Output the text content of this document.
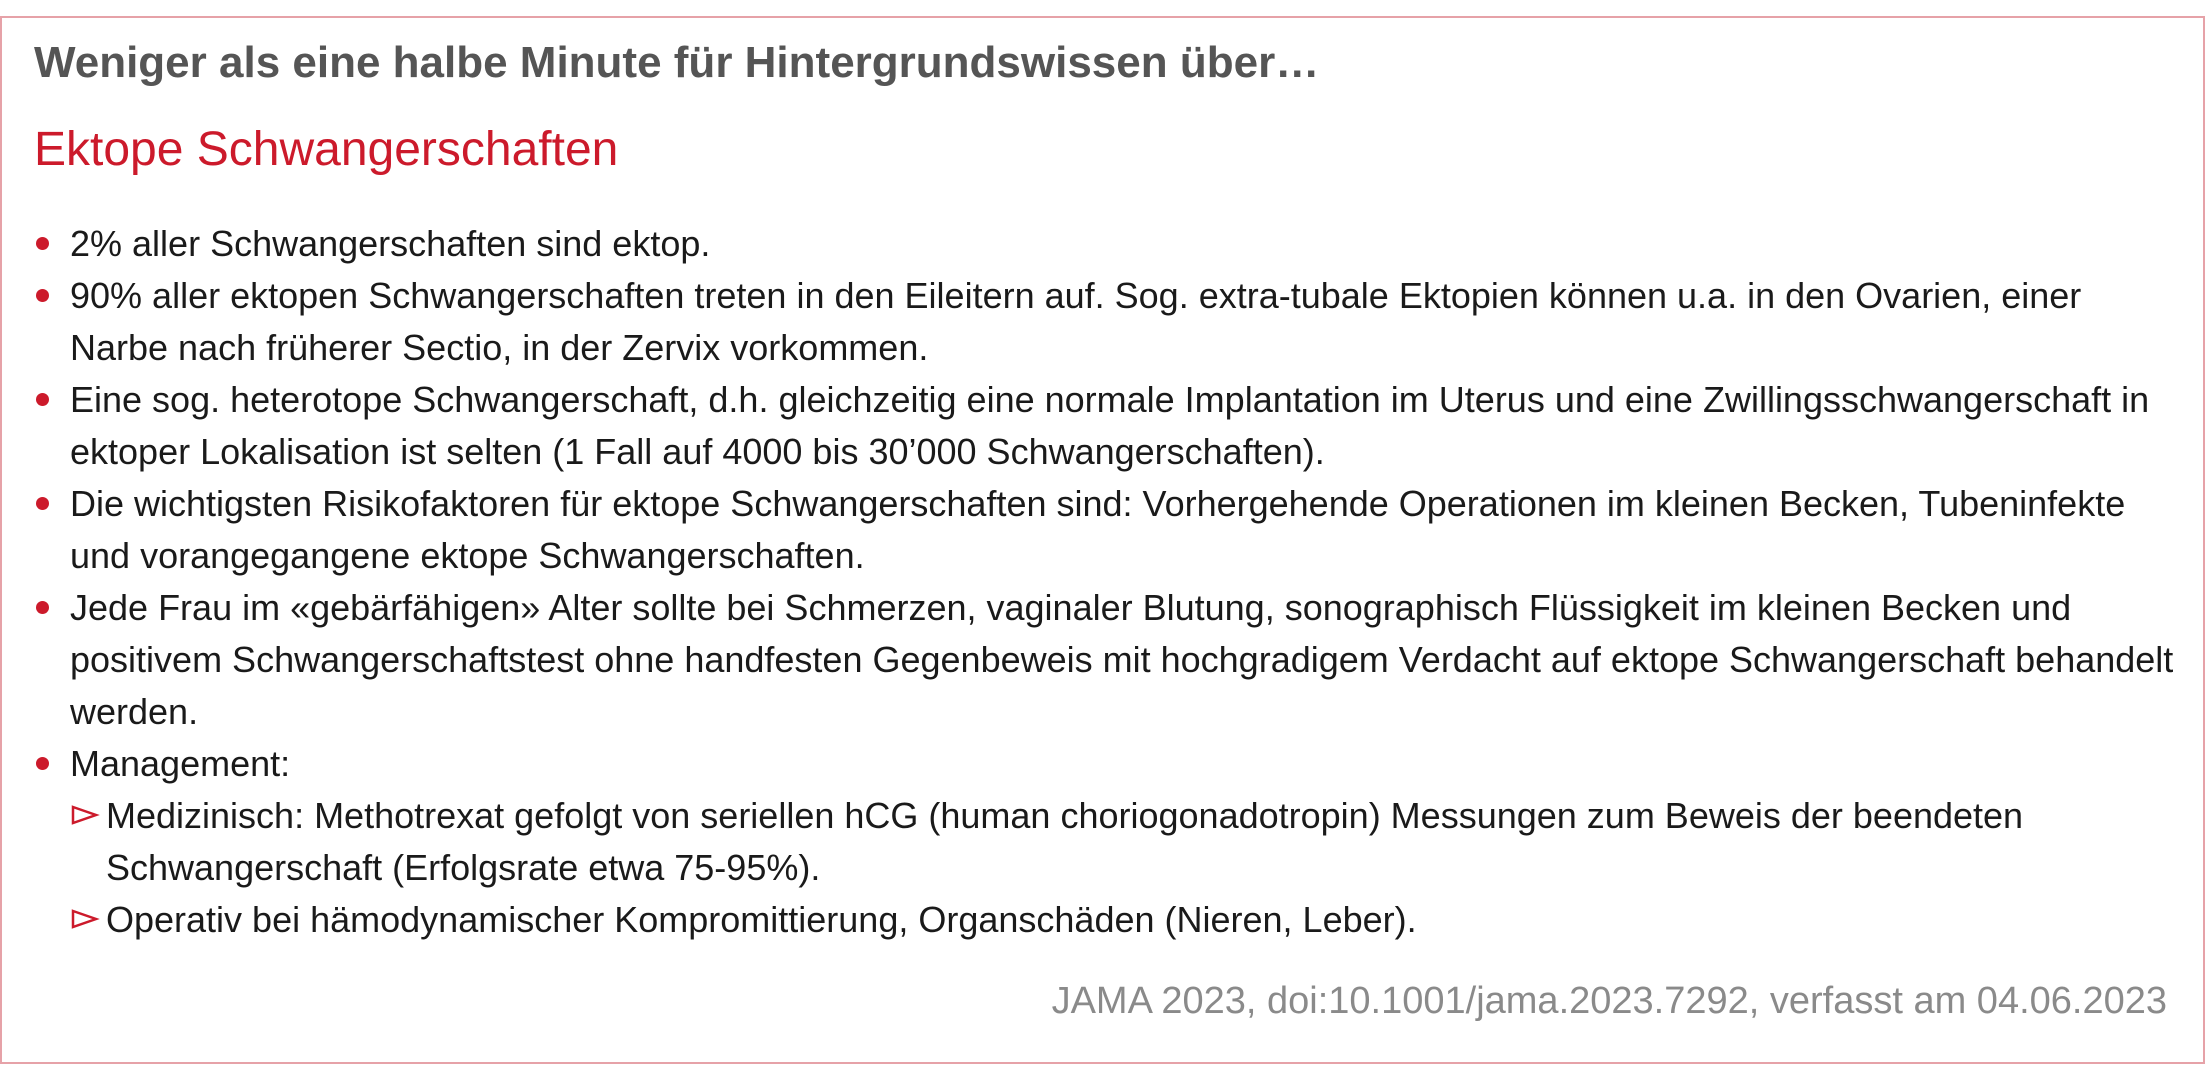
Weniger als eine halbe Minute für Hintergrundswissen über…
Ektope Schwangerschaften
2% aller Schwangerschaften sind ektop.
90% aller ektopen Schwangerschaften treten in den Eileitern auf. Sog. extra-tubale Ektopien können u.a. in den Ovarien, einer Narbe nach früherer Sectio, in der Zervix vorkommen.
Eine sog. heterotope Schwangerschaft, d.h. gleichzeitig eine normale Implantation im Uterus und eine Zwillingsschwangerschaft in ektoper Lokalisation ist selten (1 Fall auf 4000 bis 30’000 Schwangerschaften).
Die wichtigsten Risikofaktoren für ektope Schwangerschaften sind: Vorhergehende Operationen im kleinen Becken, Tubeninfekte und vorangegangene ektope Schwangerschaften.
Jede Frau im «gebärfähigen» Alter sollte bei Schmerzen, vaginaler Blutung, sonographisch Flüssigkeit im kleinen Becken und positivem Schwangerschaftstest ohne handfesten Gegenbeweis mit hochgradigem Verdacht auf ektope Schwangerschaft behandelt werden.
Management:
Medizinisch: Methotrexat gefolgt von seriellen hCG (human choriogonadotropin) Messungen zum Beweis der beendeten Schwangerschaft (Erfolgsrate etwa 75-95%).
Operativ bei hämodynamischer Kompromittierung, Organschäden (Nieren, Leber).

JAMA 2023, doi:10.1001/jama.2023.7292, verfasst am 04.06.2023
